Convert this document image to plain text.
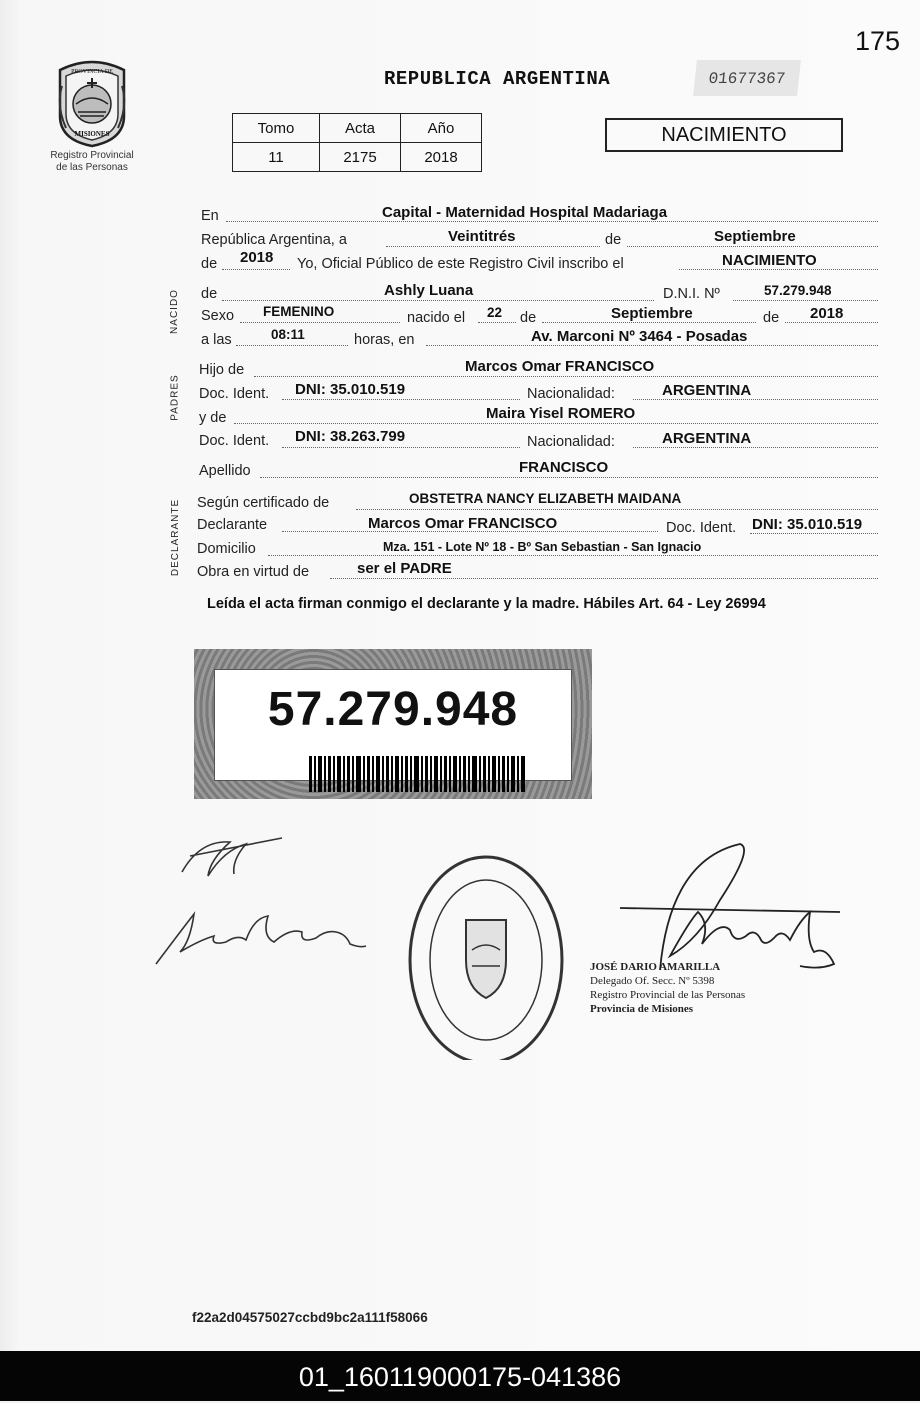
175
PROVINCIA DE
MISIONES
Registro Provincial
de las Personas
REPUBLICA ARGENTINA	01677367
Tomo	Acta	Año
11	2175	2018
NACIMIENTO
NACIDO
PADRES
DECLARANTE
En	Capital - Maternidad Hospital Madariaga
República Argentina, a	Veintitrés	de	Septiembre
de 2018 Yo, Oficial Público de este Registro Civil inscribo el	NACIMIENTO
de	Ashly Luana	D.N.I. Nº	57.279.948
Sexo FEMENINO	nacido el 22 de	Septiembre	de 2018
a las	08:11	horas, en	Av. Marconi Nº 3464 - Posadas
Hijo de	Marcos Omar FRANCISCO
Doc. Ident. DNI: 35.010.519	Nacionalidad:	ARGENTINA
y de	Maira Yisel ROMERO
Doc. Ident. DNI: 38.263.799	Nacionalidad:	ARGENTINA
Apellido	FRANCISCO
Según certificado de	OBSTETRA NANCY ELIZABETH MAIDANA
Declarante	Marcos Omar FRANCISCO	Doc. Ident. DNI: 35.010.519
Domicilio	Mza. 151 - Lote Nº 18 - Bº San Sebastian - San Ignacio
Obra en virtud de	ser el PADRE
Leída el acta firman conmigo el declarante y la madre. Hábiles Art. 64 - Ley 26994
57.279.948
JOSÉ DARIO AMARILLA
Delegado Of. Secc. Nº 5398
Registro Provincial de las Personas
Provincia de Misiones
f22a2d04575027ccbd9bc2a111f58066
01_160119000175-041386
